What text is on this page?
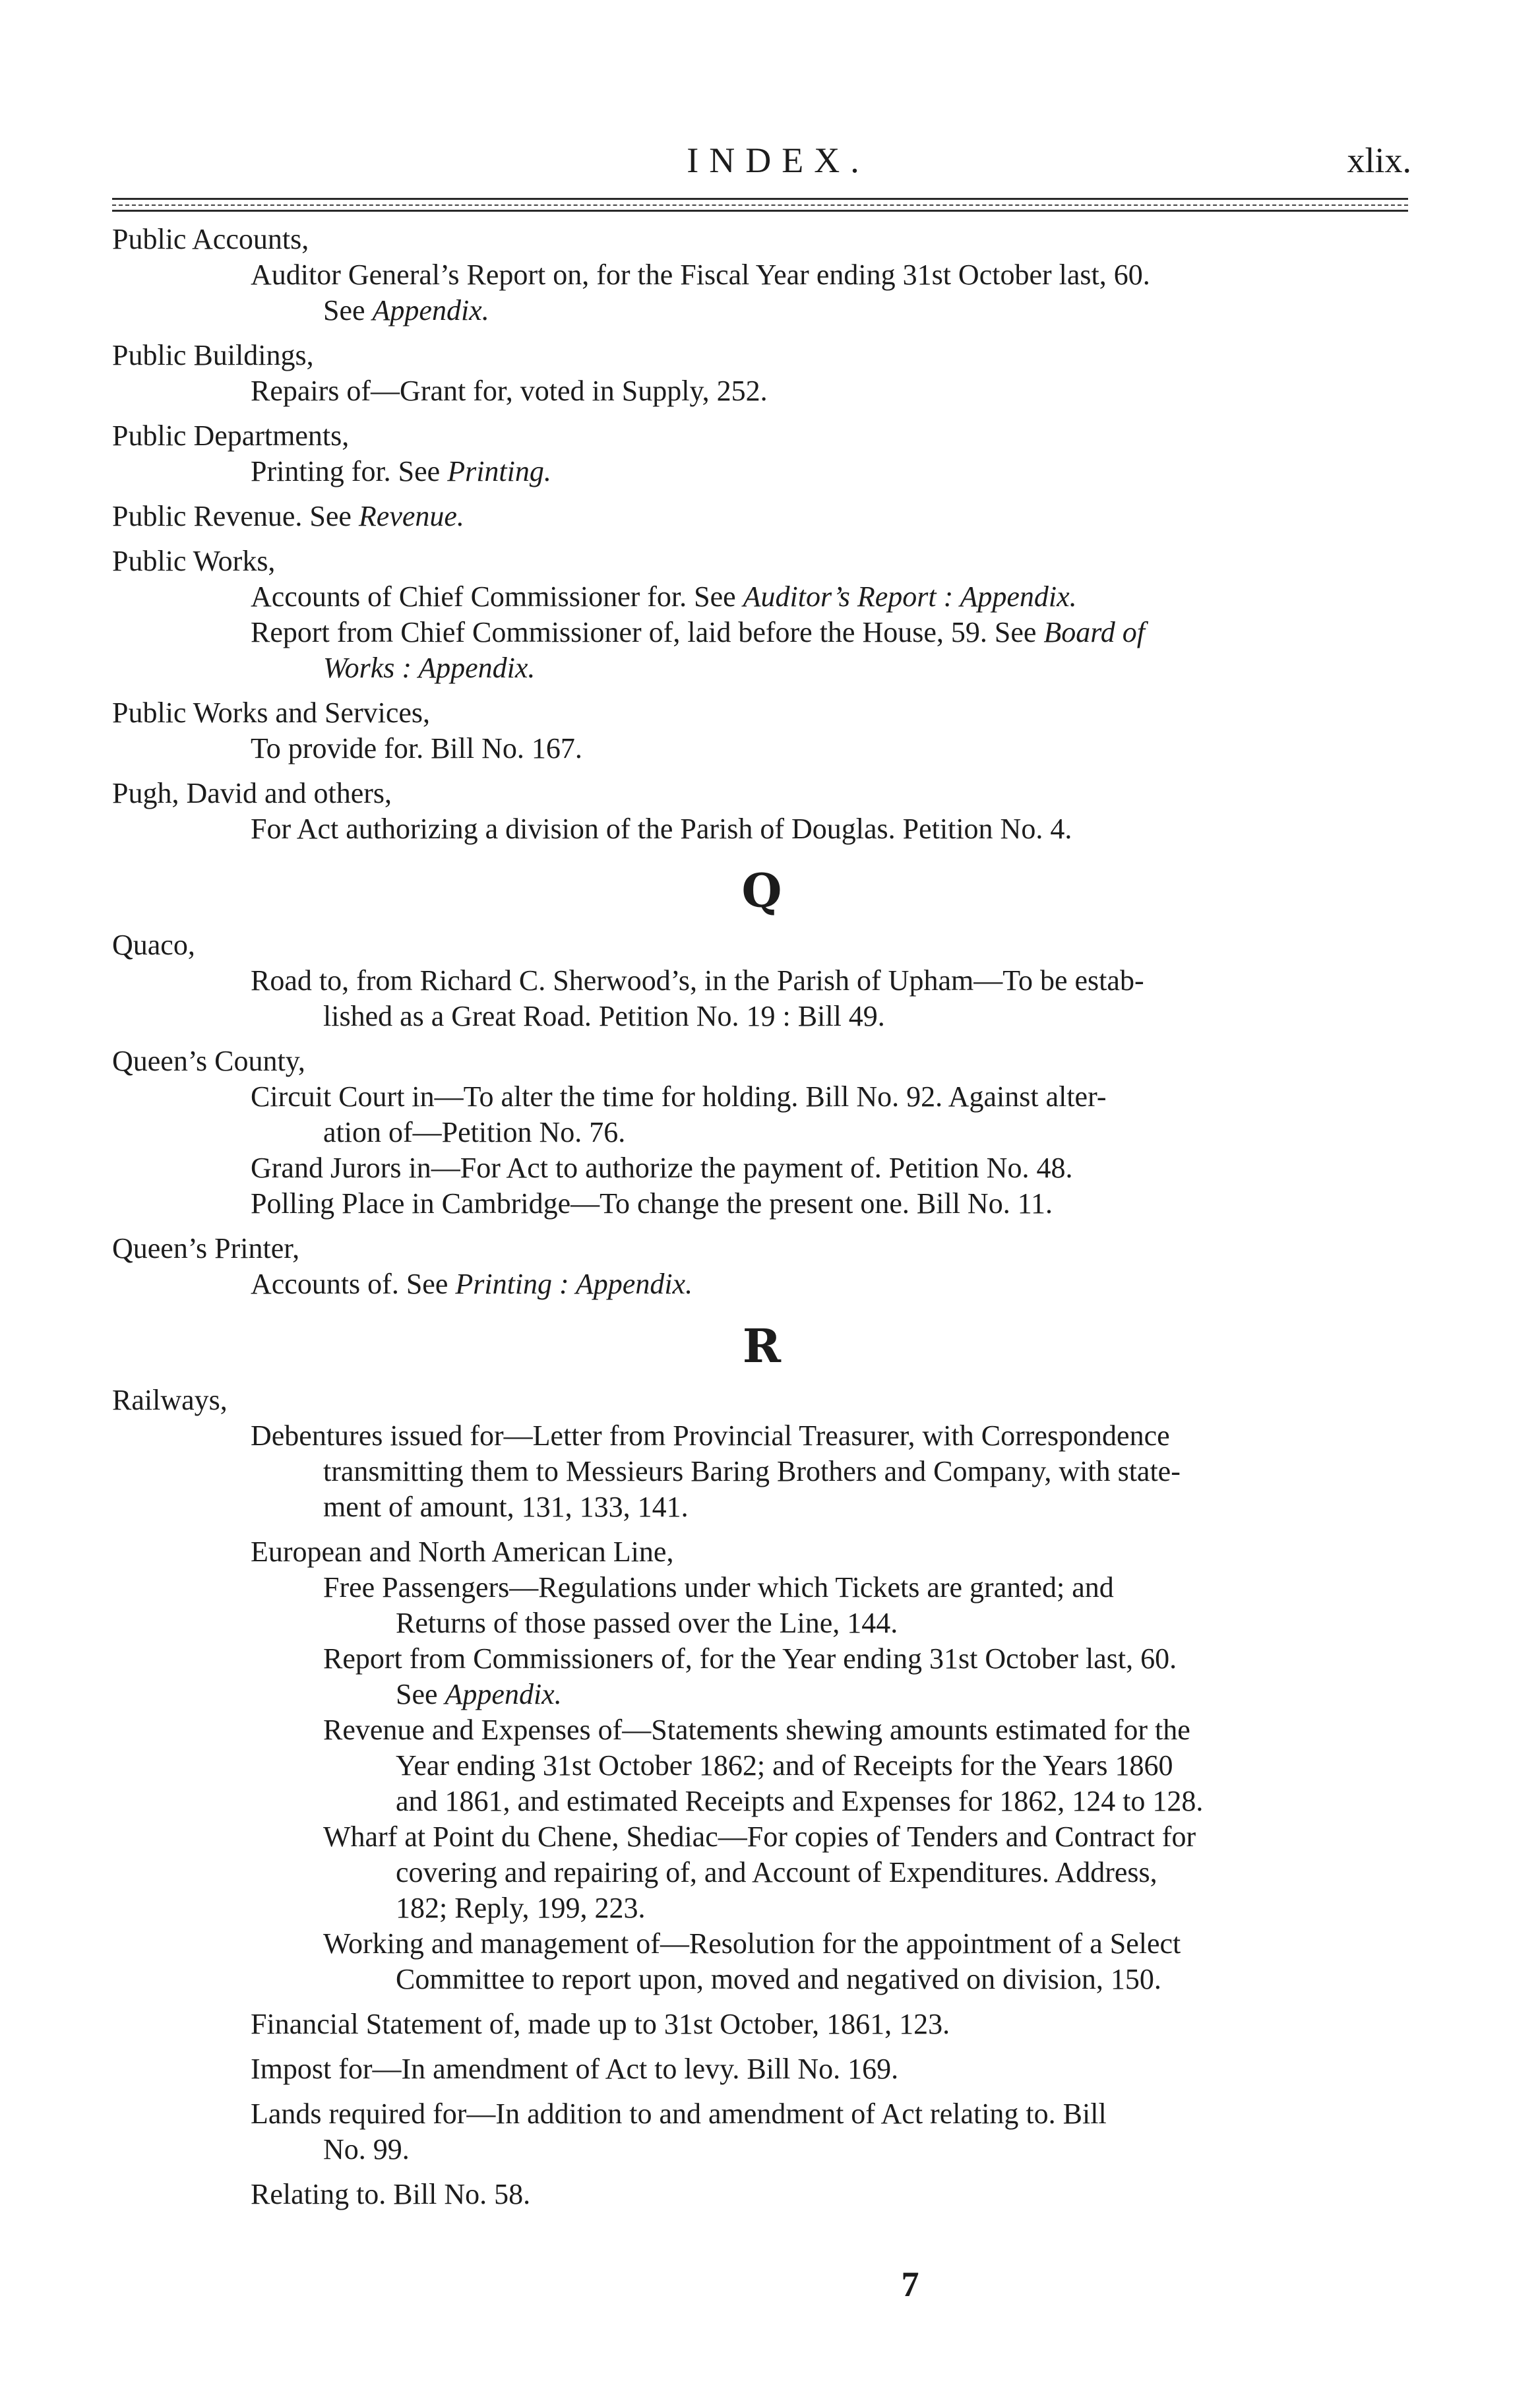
INDEX.	xlix.
Public Accounts,
Auditor General’s Report on, for the Fiscal Year ending 31st October last, 60.
See Appendix.
Public Buildings,
Repairs of—Grant for, voted in Supply, 252.
Public Departments,
Printing for. See Printing.
Public Revenue. See Revenue.
Public Works,
Accounts of Chief Commissioner for. See Auditor’s Report : Appendix.
Report from Chief Commissioner of, laid before the House, 59. See Board of
Works : Appendix.
Public Works and Services,
To provide for. Bill No. 167.
Pugh, David and others,
For Act authorizing a division of the Parish of Douglas. Petition No. 4.
Q
Quaco,
Road to, from Richard C. Sherwood’s, in the Parish of Upham—To be estab-
lished as a Great Road. Petition No. 19 : Bill 49.
Queen’s County,
Circuit Court in—To alter the time for holding. Bill No. 92. Against alter-
ation of—Petition No. 76.
Grand Jurors in—For Act to authorize the payment of. Petition No. 48.
Polling Place in Cambridge—To change the present one. Bill No. 11.
Queen’s Printer,
Accounts of. See Printing : Appendix.
R
Railways,
Debentures issued for—Letter from Provincial Treasurer, with Correspondence
transmitting them to Messieurs Baring Brothers and Company, with state-
ment of amount, 131, 133, 141.
European and North American Line,
Free Passengers—Regulations under which Tickets are granted; and
Returns of those passed over the Line, 144.
Report from Commissioners of, for the Year ending 31st October last, 60.
See Appendix.
Revenue and Expenses of—Statements shewing amounts estimated for the
Year ending 31st October 1862; and of Receipts for the Years 1860
and 1861, and estimated Receipts and Expenses for 1862, 124 to 128.
Wharf at Point du Chene, Shediac—For copies of Tenders and Contract for
covering and repairing of, and Account of Expenditures. Address,
182; Reply, 199, 223.
Working and management of—Resolution for the appointment of a Select
Committee to report upon, moved and negatived on division, 150.
Financial Statement of, made up to 31st October, 1861, 123.
Impost for—In amendment of Act to levy. Bill No. 169.
Lands required for—In addition to and amendment of Act relating to. Bill
No. 99.
Relating to. Bill No. 58.
7
